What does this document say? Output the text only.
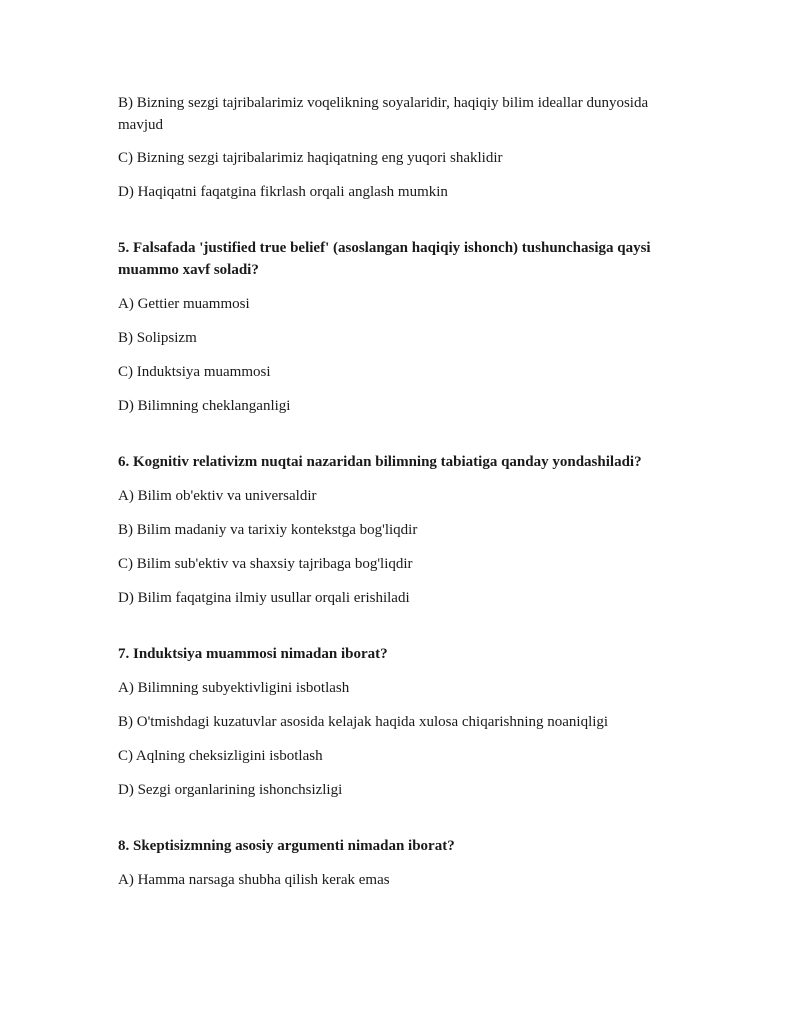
B) Bizning sezgi tajribalarimiz voqelikning soyalaridir, haqiqiy bilim ideallar dunyosida mavjud

C) Bizning sezgi tajribalarimiz haqiqatning eng yuqori shaklidir

D) Haqiqatni faqatgina fikrlash orqali anglash mumkin

5. Falsafada 'justified true belief' (asoslangan haqiqiy ishonch) tushunchasiga qaysi muammo xavf soladi?

A) Gettier muammosi

B) Solipsizm

C) Induktsiya muammosi

D) Bilimning cheklanganligi

6. Kognitiv relativizm nuqtai nazaridan bilimning tabiatiga qanday yondashiladi?

A) Bilim ob'ektiv va universaldir

B) Bilim madaniy va tarixiy kontekstga bog'liqdir

C) Bilim sub'ektiv va shaxsiy tajribaga bog'liqdir

D) Bilim faqatgina ilmiy usullar orqali erishiladi

7. Induktsiya muammosi nimadan iborat?

A) Bilimning subyektivligini isbotlash

B) O'tmishdagi kuzatuvlar asosida kelajak haqida xulosa chiqarishning noaniqligi

C) Aqlning cheksizligini isbotlash

D) Sezgi organlarining ishonchsizligi

8. Skeptisizmning asosiy argumenti nimadan iborat?

A) Hamma narsaga shubha qilish kerak emas
